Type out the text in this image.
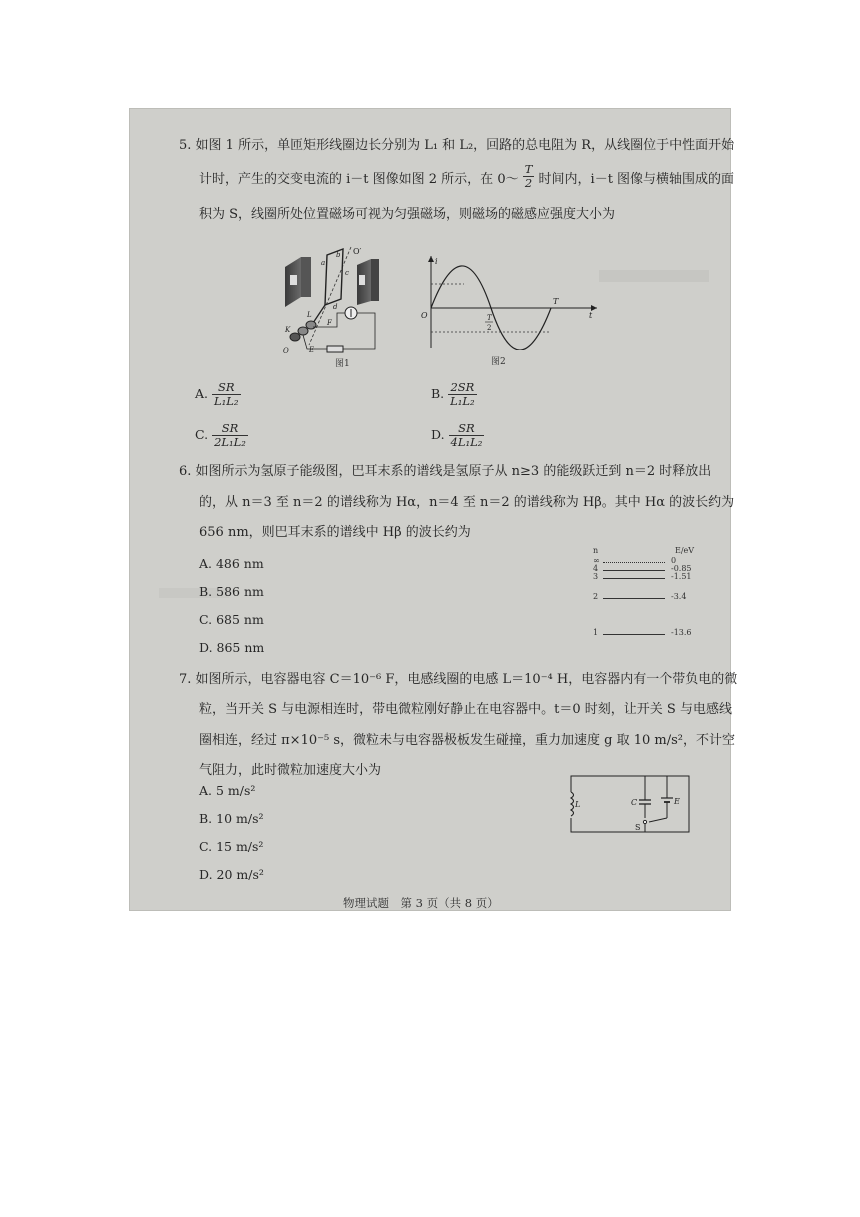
5. 如图 1 所示，单匝矩形线圈边长分别为 L₁ 和 L₂，回路的总电阻为 R，从线圈位于中性面开始
计时，产生的交变电流的 i－t 图像如图 2 所示，在 0～ $\frac{T}{2}$ 时间内，i－t 图像与横轴围成的面
积为 S，线圈所处位置磁场可视为匀强磁场，则磁场的磁感应强度大小为
O′
b
a
c
L
F
K
d
O	E
图1
i
O	T
2
T
t
图2
A. $\frac{SR}{\text{L₁L₂}}$	B. $\frac{2SR}{\text{L₁L₂}}$
C. $\frac{SR}{\text{2L₁L₂}}$	D. $\frac{SR}{\text{4L₁L₂}}$
6. 如图所示为氢原子能级图，巴耳末系的谱线是氢原子从 n≥3 的能级跃迁到 n＝2 时释放出
的，从 n＝3 至 n＝2 的谱线称为 Hα，n＝4 至 n＝2 的谱线称为 Hβ。其中 Hα 的波长约为
656 nm，则巴耳末系的谱线中 Hβ 的波长约为
A. 486 nm
B. 586 nm
C. 685 nm
D. 865 nm
n	E/eV
∞	0
4	-0.85
3	-1.51
2	-3.4
1	-13.6
7. 如图所示，电容器电容 C＝10⁻⁶ F，电感线圈的电感 L＝10⁻⁴ H，电容器内有一个带负电的微
粒，当开关 S 与电源相连时，带电微粒刚好静止在电容器中。t＝0 时刻，让开关 S 与电感线
圈相连，经过 π×10⁻⁵ s，微粒未与电容器极板发生碰撞，重力加速度 g 取 10 m/s²，不计空
气阻力，此时微粒加速度大小为
A. 5 m/s²
B. 10 m/s²
C. 15 m/s²
D. 20 m/s²
L	C	E
S
物理试题　第 3 页（共 8 页）
